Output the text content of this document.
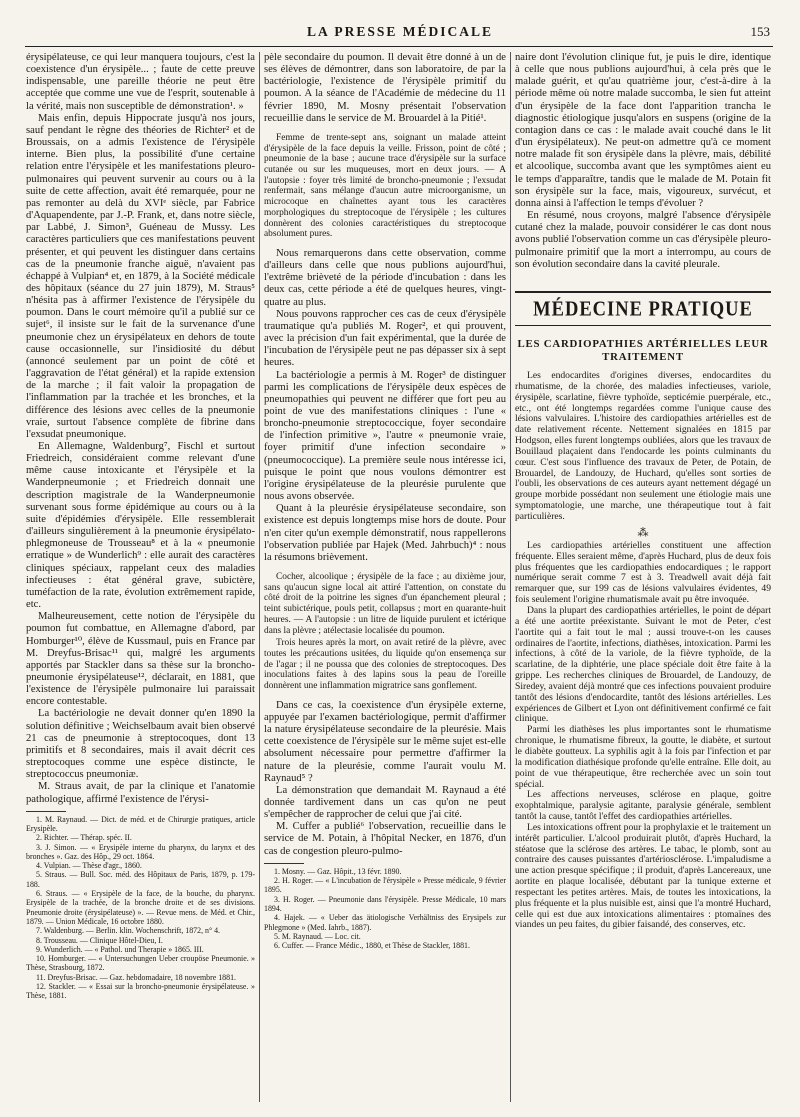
LA PRESSE MÉDICALE	153

érysipélateuse, ce qui leur manquera toujours, c'est la coexistence d'un érysipèle... ; faute de cette preuve indispensable, une pareille théorie ne peut être acceptée que comme une vue de l'esprit, soutenable à la vérité, mais non susceptible de démonstration¹. »

Mais enfin, depuis Hippocrate jusqu'à nos jours, sauf pendant le règne des théories de Richter² et de Broussais, on a admis l'existence de l'érysipèle interne. Bien plus, la possibilité d'une certaine relation entre l'érysipèle et les manifestations pleuro-pulmonaires qui peuvent survenir au cours ou à la suite de cette affection, avait été remarquée, pour ne pas remonter au delà du XVIᵉ siècle, par Fabrice d'Aquapendente, par J.-P. Frank, et, dans notre siècle, par Labbé, J. Simon³, Guéneau de Mussy. Les caractères particuliers que ces manifestations peuvent présenter, et qui peuvent les distinguer dans certains cas de la pneumonie franche aiguë, n'avaient pas échappé à Vulpian⁴ et, en 1879, à la Société médicale des hôpitaux (séance du 27 juin 1879), M. Straus⁵ n'hésita pas à affirmer l'existence de l'érysipèle du poumon. Dans le court mémoire qu'il a publié sur ce sujet⁶, il insiste sur le fait de la survenance d'une pneumonie chez un érysipélateux en dehors de toute cause occasionnelle, sur l'insidiosité du début (annoncé seulement par un point de côté et l'aggravation de l'état général) et la rapide extension de la marche ; il fait valoir la propagation de l'inflammation par la trachée et les bronches, et la différence des lésions avec celles de la pneumonie vraie, surtout l'absence complète de fibrine dans l'exsudat pneumonique.

En Allemagne, Waldenburg⁷, Fischl et surtout Friedreich, considéraient comme relevant d'une même cause intoxicante et l'érysipèle et la Wanderpneumonie ; et Friedreich donnait une description magistrale de la Wanderpneumonie survenant sous forme épidémique au cours ou à la suite d'épidémies d'érysipèle. Elle ressemblerait d'ailleurs singulièrement à la pneumonie érysipélato-phlegmoneuse de Trousseau⁸ et à la « pneumonie erratique » de Wunderlich⁹ : elle aurait des caractères cliniques spéciaux, rappelant ceux des maladies infectieuses : état général grave, subictère, tuméfaction de la rate, évolution extrêmement rapide, etc.

Malheureusement, cette notion de l'érysipèle du poumon fut combattue, en Allemagne d'abord, par Homburger¹⁰, élève de Kussmaul, puis en France par M. Dreyfus-Brisac¹¹ qui, malgré les arguments apportés par Stackler dans sa thèse sur la broncho-pneumonie érysipélateuse¹², déclarait, en 1881, que l'existence de l'érysipèle pulmonaire lui paraissait encore contestable.

La bactériologie ne devait donner qu'en 1890 la solution définitive ; Weichselbaum avait bien observé 21 cas de pneumonie à streptocoques, dont 13 primitifs et 8 secondaires, mais il avait décrit ces streptocoques comme une espèce distincte, le streptococcus pneumoniæ.

M. Straus avait, de par la clinique et l'anatomie pathologique, affirmé l'existence de l'érysi-

1. M. Raynaud. — Dict. de méd. et de Chirurgie pratiques, article Erysipèle.

2. Richter. — Thérap. spéc. II.

3. J. Simon. — « Erysipèle interne du pharynx, du larynx et des bronches ». Gaz. des Hôp., 29 oct. 1864.

4. Vulpian. — Thèse d'agr., 1860.

5. Straus. — Bull. Soc. méd. des Hôpitaux de Paris, 1879, p. 179-188.

6. Straus. — « Erysipèle de la face, de la bouche, du pharynx. Erysipèle de la trachée, de la bronche droite et de ses divisions. Pneumonie droite (érysipélateuse) ». — Revue mens. de Méd. et Chir., 1879. — Union Médicale, 16 octobre 1880.

7. Waldenburg. — Berlin. klin. Wochenschrift, 1872, n° 4.

8. Trousseau. — Clinique Hôtel-Dieu, I.

9. Wunderlich. — « Pathol. und Therapie » 1865. III.

10. Homburger. — « Untersuchungen Ueber croupöse Pneumonie. » Thèse, Strasbourg, 1872.

11. Dreyfus-Brisac. — Gaz. hebdomadaire, 18 novembre 1881.

12. Stackler. — « Essai sur la broncho-pneumonie érysipélateuse. » Thèse, 1881.

pèle secondaire du poumon. Il devait être donné à un de ses élèves de démontrer, dans son laboratoire, de par la bactériologie, l'existence de l'érysipèle primitif du poumon. A la séance de l'Académie de médecine du 11 février 1890, M. Mosny présentait l'observation recueillie dans le service de M. Brouardel à la Pitié¹.

Femme de trente-sept ans, soignant un malade atteint d'érysipèle de la face depuis la veille. Frisson, point de côté ; pneumonie de la base ; aucune trace d'érysipèle sur la surface cutanée ou sur les muqueuses, mort en deux jours. — A l'autopsie : foyer très limité de broncho-pneumonie ; l'exsudat renfermait, sans mélange d'aucun autre microorganisme, un microcoque en chaînettes ayant tous les caractères morphologiques du streptocoque de l'érysipèle ; les cultures donnèrent des colonies caractéristiques du streptocoque absolument pures.

Nous remarquerons dans cette observation, comme d'ailleurs dans celle que nous publions aujourd'hui, l'extrême brièveté de la période d'incubation : dans les deux cas, cette période a été de quelques heures, vingt-quatre au plus.

Nous pouvons rapprocher ces cas de ceux d'érysipèle traumatique qu'a publiés M. Roger², et qui prouvent, avec la précision d'un fait expérimental, que la durée de l'incubation de l'érysipèle peut ne pas dépasser six à sept heures.

La bactériologie a permis à M. Roger³ de distinguer parmi les complications de l'érysipèle deux espèces de pneumopathies qui peuvent ne différer que fort peu au point de vue des manifestations cliniques : l'une « broncho-pneumonie streptococcique, foyer secondaire de l'infection primitive », l'autre « pneumonie vraie, foyer primitif d'une infection secondaire » (pneumococcique). La première seule nous intéresse ici, puisque le point que nous voulons démontrer est l'origine érysipélateuse de la pleurésie purulente que nous avons observée.

Quant à la pleurésie érysipélateuse secondaire, son existence est depuis longtemps mise hors de doute. Pour n'en citer qu'un exemple démonstratif, nous rappellerons l'observation publiée par Hajek (Med. Jahrbuch)⁴ : nous la résumons brièvement.

Cocher, alcoolique ; érysipèle de la face ; au dixième jour, sans qu'aucun signe local ait attiré l'attention, on constate du côté droit de la poitrine les signes d'un épanchement pleural ; teint subictérique, pouls petit, collapsus ; mort en quarante-huit heures. — A l'autopsie : un litre de liquide purulent et ictérique dans la plèvre ; atélectasie localisée du poumon.

Trois heures après la mort, on avait retiré de la plèvre, avec toutes les précautions usitées, du liquide qu'on ensemença sur de l'agar ; il ne poussa que des colonies de streptocoques. Des inoculations faites à des lapins sous la peau de l'oreille donnèrent une inflammation migratrice sans gonflement.

Dans ce cas, la coexistence d'un érysipèle externe, appuyée par l'examen bactériologique, permit d'affirmer la nature érysipélateuse secondaire de la pleurésie. Mais cette coexistence de l'érysipèle sur le même sujet est-elle absolument nécessaire pour permettre d'affirmer la nature de la pleurésie, comme l'aurait voulu M. Raynaud⁵ ?

La démonstration que demandait M. Raynaud a été donnée tardivement dans un cas qu'on ne peut s'empêcher de rapprocher de celui que j'ai cité.

M. Cuffer a publié⁶ l'observation, recueillie dans le service de M. Potain, à l'hôpital Necker, en 1876, d'un cas de congestion pleuro-pulmo-

1. Mosny. — Gaz. Hôpit., 13 févr. 1890.

2. H. Roger. — « L'incubation de l'érysipèle » Presse médicale, 9 février 1895.

3. H. Roger. — Pneumonie dans l'érysipèle. Presse Médicale, 10 mars 1894.

4. Hajek. — « Ueber das ätiologische Verhältniss des Erysipels zur Phlegmone » (Med. Iahrb., 1887).

5. M. Raynaud. — Loc. cit.

6. Cuffer. — France Médic., 1880, et Thèse de Stackler, 1881.

naire dont l'évolution clinique fut, je puis le dire, identique à celle que nous publions aujourd'hui, à cela près que le malade guérit, et qu'au quatrième jour, c'est-à-dire à la période même où notre malade succomba, le sien fut atteint d'un érysipèle de la face dont l'apparition trancha le diagnostic étiologique jusqu'alors en suspens (origine de la contagion dans ce cas : le malade avait couché dans le lit d'un érysipélateux). Ne peut-on admettre qu'à ce moment notre malade fit son érysipèle dans la plèvre, mais, débilité et alcoolique, succomba avant que les symptômes aient eu le temps d'apparaître, tandis que le malade de M. Potain fit son érysipèle sur la face, mais, vigoureux, survécut, et donna ainsi à l'affection le temps d'évoluer ?

En résumé, nous croyons, malgré l'absence d'érysipèle cutané chez la malade, pouvoir considérer le cas dont nous avons publié l'observation comme un cas d'érysipèle pleuro-pulmonaire primitif que la mort a interrompu, au cours de son évolution secondaire dans la cavité pleurale.

MÉDECINE PRATIQUE
LES CARDIOPATHIES ARTÉRIELLES LEUR TRAITEMENT

Les endocardites d'origines diverses, endocardites du rhumatisme, de la chorée, des maladies infectieuses, variole, érysipèle, scarlatine, fièvre typhoïde, septicémie puerpérale, etc., etc., ont été longtemps regardées comme l'unique cause des lésions valvulaires. L'histoire des cardiopathies artérielles est de date relativement récente. Nettement signalées en 1815 par Hodgson, elles furent longtemps oubliées, alors que les travaux de Bouillaud plaçaient dans l'endocarde les points culminants du cœur. C'est sous l'influence des travaux de Peter, de Potain, de Brouardel, de Landouzy, de Huchard, qu'elles sont sorties de l'oubli, les observations de ces auteurs ayant nettement dégagé un groupe morbide possédant non seulement une étiologie mais une symptomatologie, une marche, une thérapeutique tout à fait particulières.

⁂

Les cardiopathies artérielles constituent une affection fréquente. Elles seraient même, d'après Huchard, plus de deux fois plus fréquentes que les cardiopathies endocardiques ; le rapport numérique serait comme 7 est à 3. Treadwell avait déjà fait remarquer que, sur 199 cas de lésions valvulaires évidentes, 49 fois seulement l'origine rhumatismale avait pu être invoquée.

Dans la plupart des cardiopathies artérielles, le point de départ a été une aortite préexistante. Suivant le mot de Peter, c'est l'aortite qui a fait tout le mal ; aussi trouve-t-on les causes ordinaires de l'aortite, infections, diathèses, intoxication. Parmi les infections, à côté de la variole, de la fièvre typhoïde, de la scarlatine, de la diphtérie, une place spéciale doit être faite à la grippe. Les recherches cliniques de Brouardel, de Landouzy, de Siredey, avaient déjà montré que ces infections pouvaient produire tantôt des lésions d'endocardite, tantôt des lésions artérielles. Les expériences de Gilbert et Lyon ont définitivement confirmé ce fait clinique.

Parmi les diathèses les plus importantes sont le rhumatisme chronique, le rhumatisme fibreux, la goutte, le diabète, et surtout le diabète goutteux. La syphilis agit à la fois par l'infection et par la modification diathésique profonde qu'elle entraîne. Elle doit, au point de vue thérapeutique, être recherchée avec un soin tout spécial.

Les affections nerveuses, sclérose en plaque, goitre exophtalmique, paralysie agitante, paralysie générale, semblent tantôt la cause, tantôt l'effet des cardiopathies artérielles.

Les intoxications offrent pour la prophylaxie et le traitement un intérêt particulier. L'alcool produirait plutôt, d'après Huchard, la stéatose que la sclérose des artères. Le tabac, le plomb, sont au contraire des causes puissantes d'artériosclérose. L'impaludisme a une action presque spécifique ; il produit, d'après Lancereaux, une aortite en plaque localisée, débutant par la tunique externe et respectant les petites artères. Mais, de toutes les intoxications, la plus fréquente et la plus nuisible est, ainsi que l'a montré Huchard, celle qui est due aux intoxications alimentaires : ptomaïnes des viandes un peu faites, du gibier faisandé, des conserves, etc.
